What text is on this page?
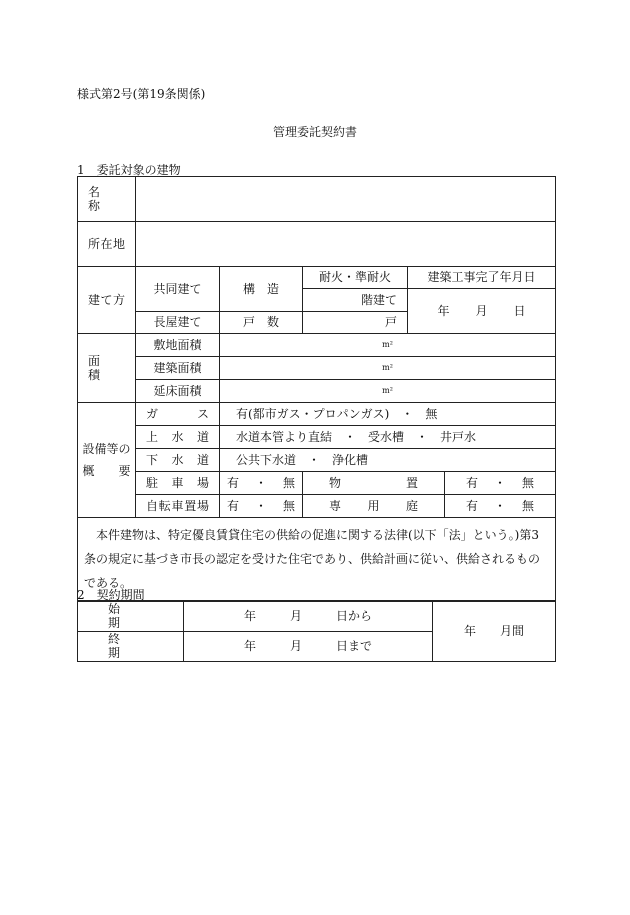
様式第2号(第19条関係)
管理委託契約書
1　委託対象の建物
名　　称					
所在地					
建て方	共同建て	構　造	耐火・準耐火	建築工事完了年月日	
			階建て	年 月 日	

	長屋建て	戸　数	戸		
面　　積	敷地面積	m²			
	建築面積	m²			
	延床面積	m²			

設備等の
概　　要	ガ　　ス	有(都市ガス・プロパンガス)　・　無			
	上　水　道	水道本管より直結　・　受水槽　・　井戸水			
	下　水　道	公共下水道　・　浄化槽			
	駐　車　場	有 ・ 無	物　　置		有 ・ 無

	自転車置場	有 ・ 無	専　用　庭		有 ・ 無

　本件建物は、特定優良賃貸住宅の供給の促進に関する法律(以下「法」という。)第3条の規定に基づき市長の認定を受けた住宅であり、供給計画に従い、供給されるものである。					
2　契約期間
始　　期	年 月 日から	年 月間

終　　期	年 月 日まで	
